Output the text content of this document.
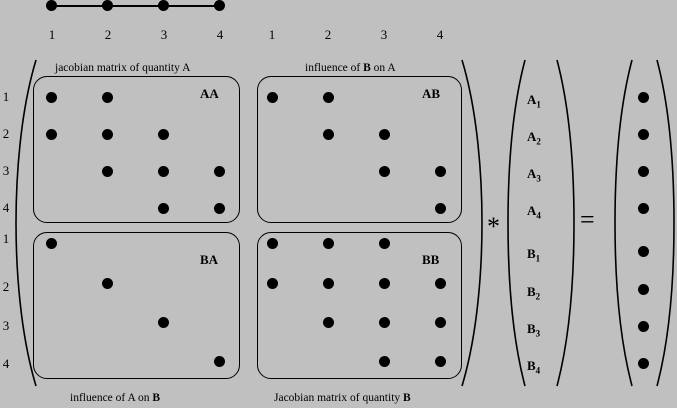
1	2	3	4	1	2	3	4
1
2
3
4
1
2
3
4
jacobian matrix of quantity A
AA
influence of B on A
AB
BA
influence of A on B
BB
Jacobian matrix of quantity B
*
$A_1$
$A_2$
$A_3$
$A_4$
$B_1$
$B_2$
$B_3$
$B_4$
=
